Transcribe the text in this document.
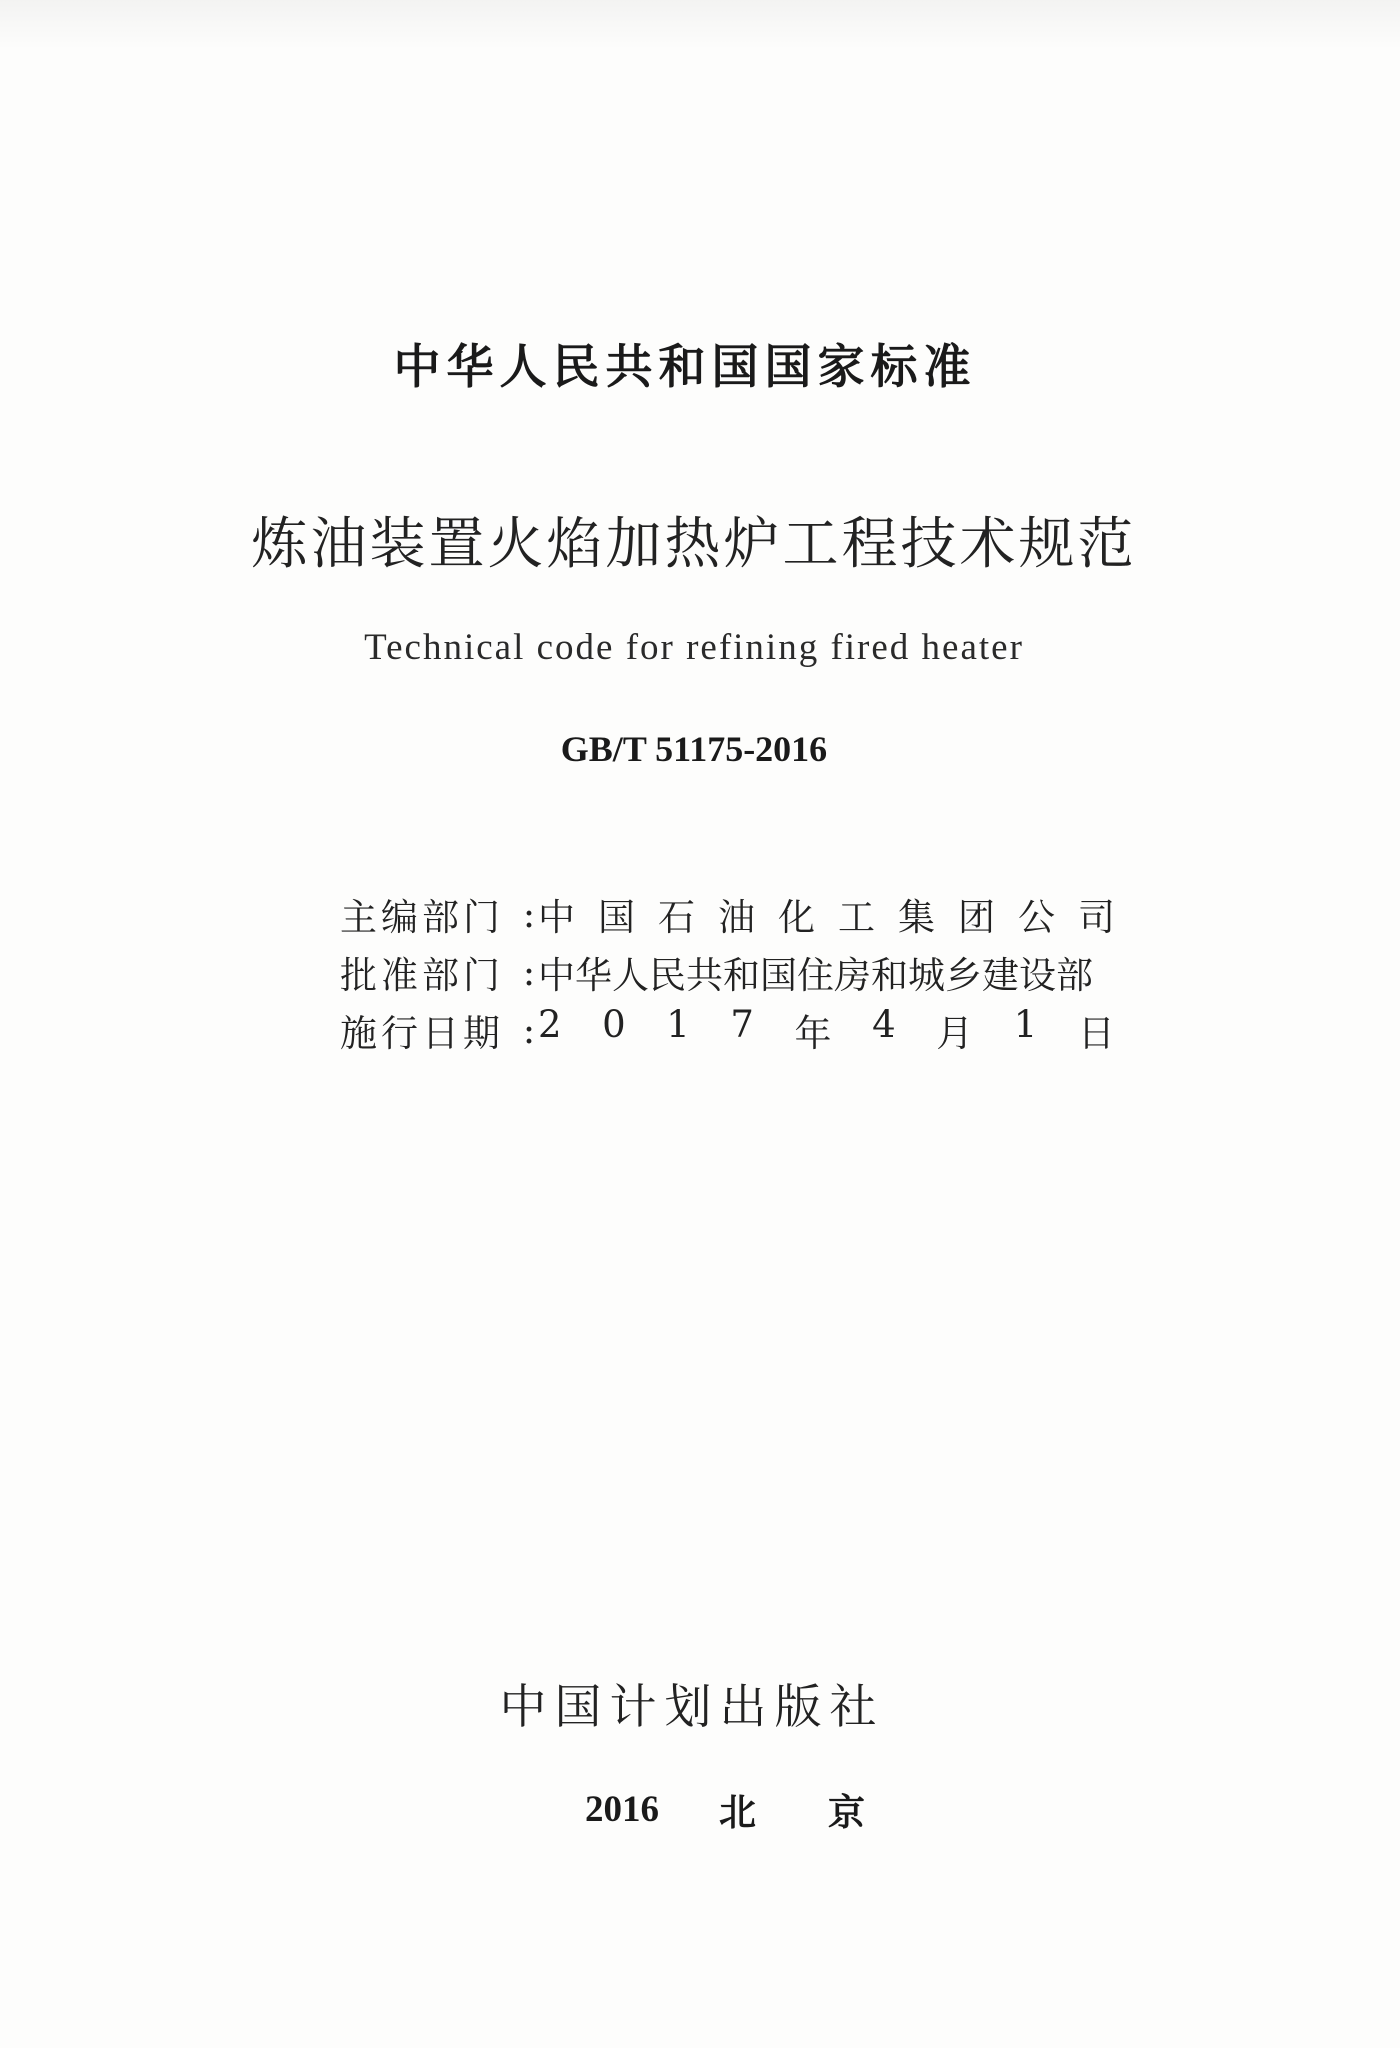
中华人民共和国国家标准
炼油装置火焰加热炉工程技术规范
Technical code for refining fired heater
GB/T 51175-2016
主编部门 : 中 国 石 油 化 工 集 团 公 司
批准部门 : 中华人民共和国住房和城乡建设部
施行日期 : 2 0 1 7 年 4 月 1 日
中国计划出版社
2016 北京
